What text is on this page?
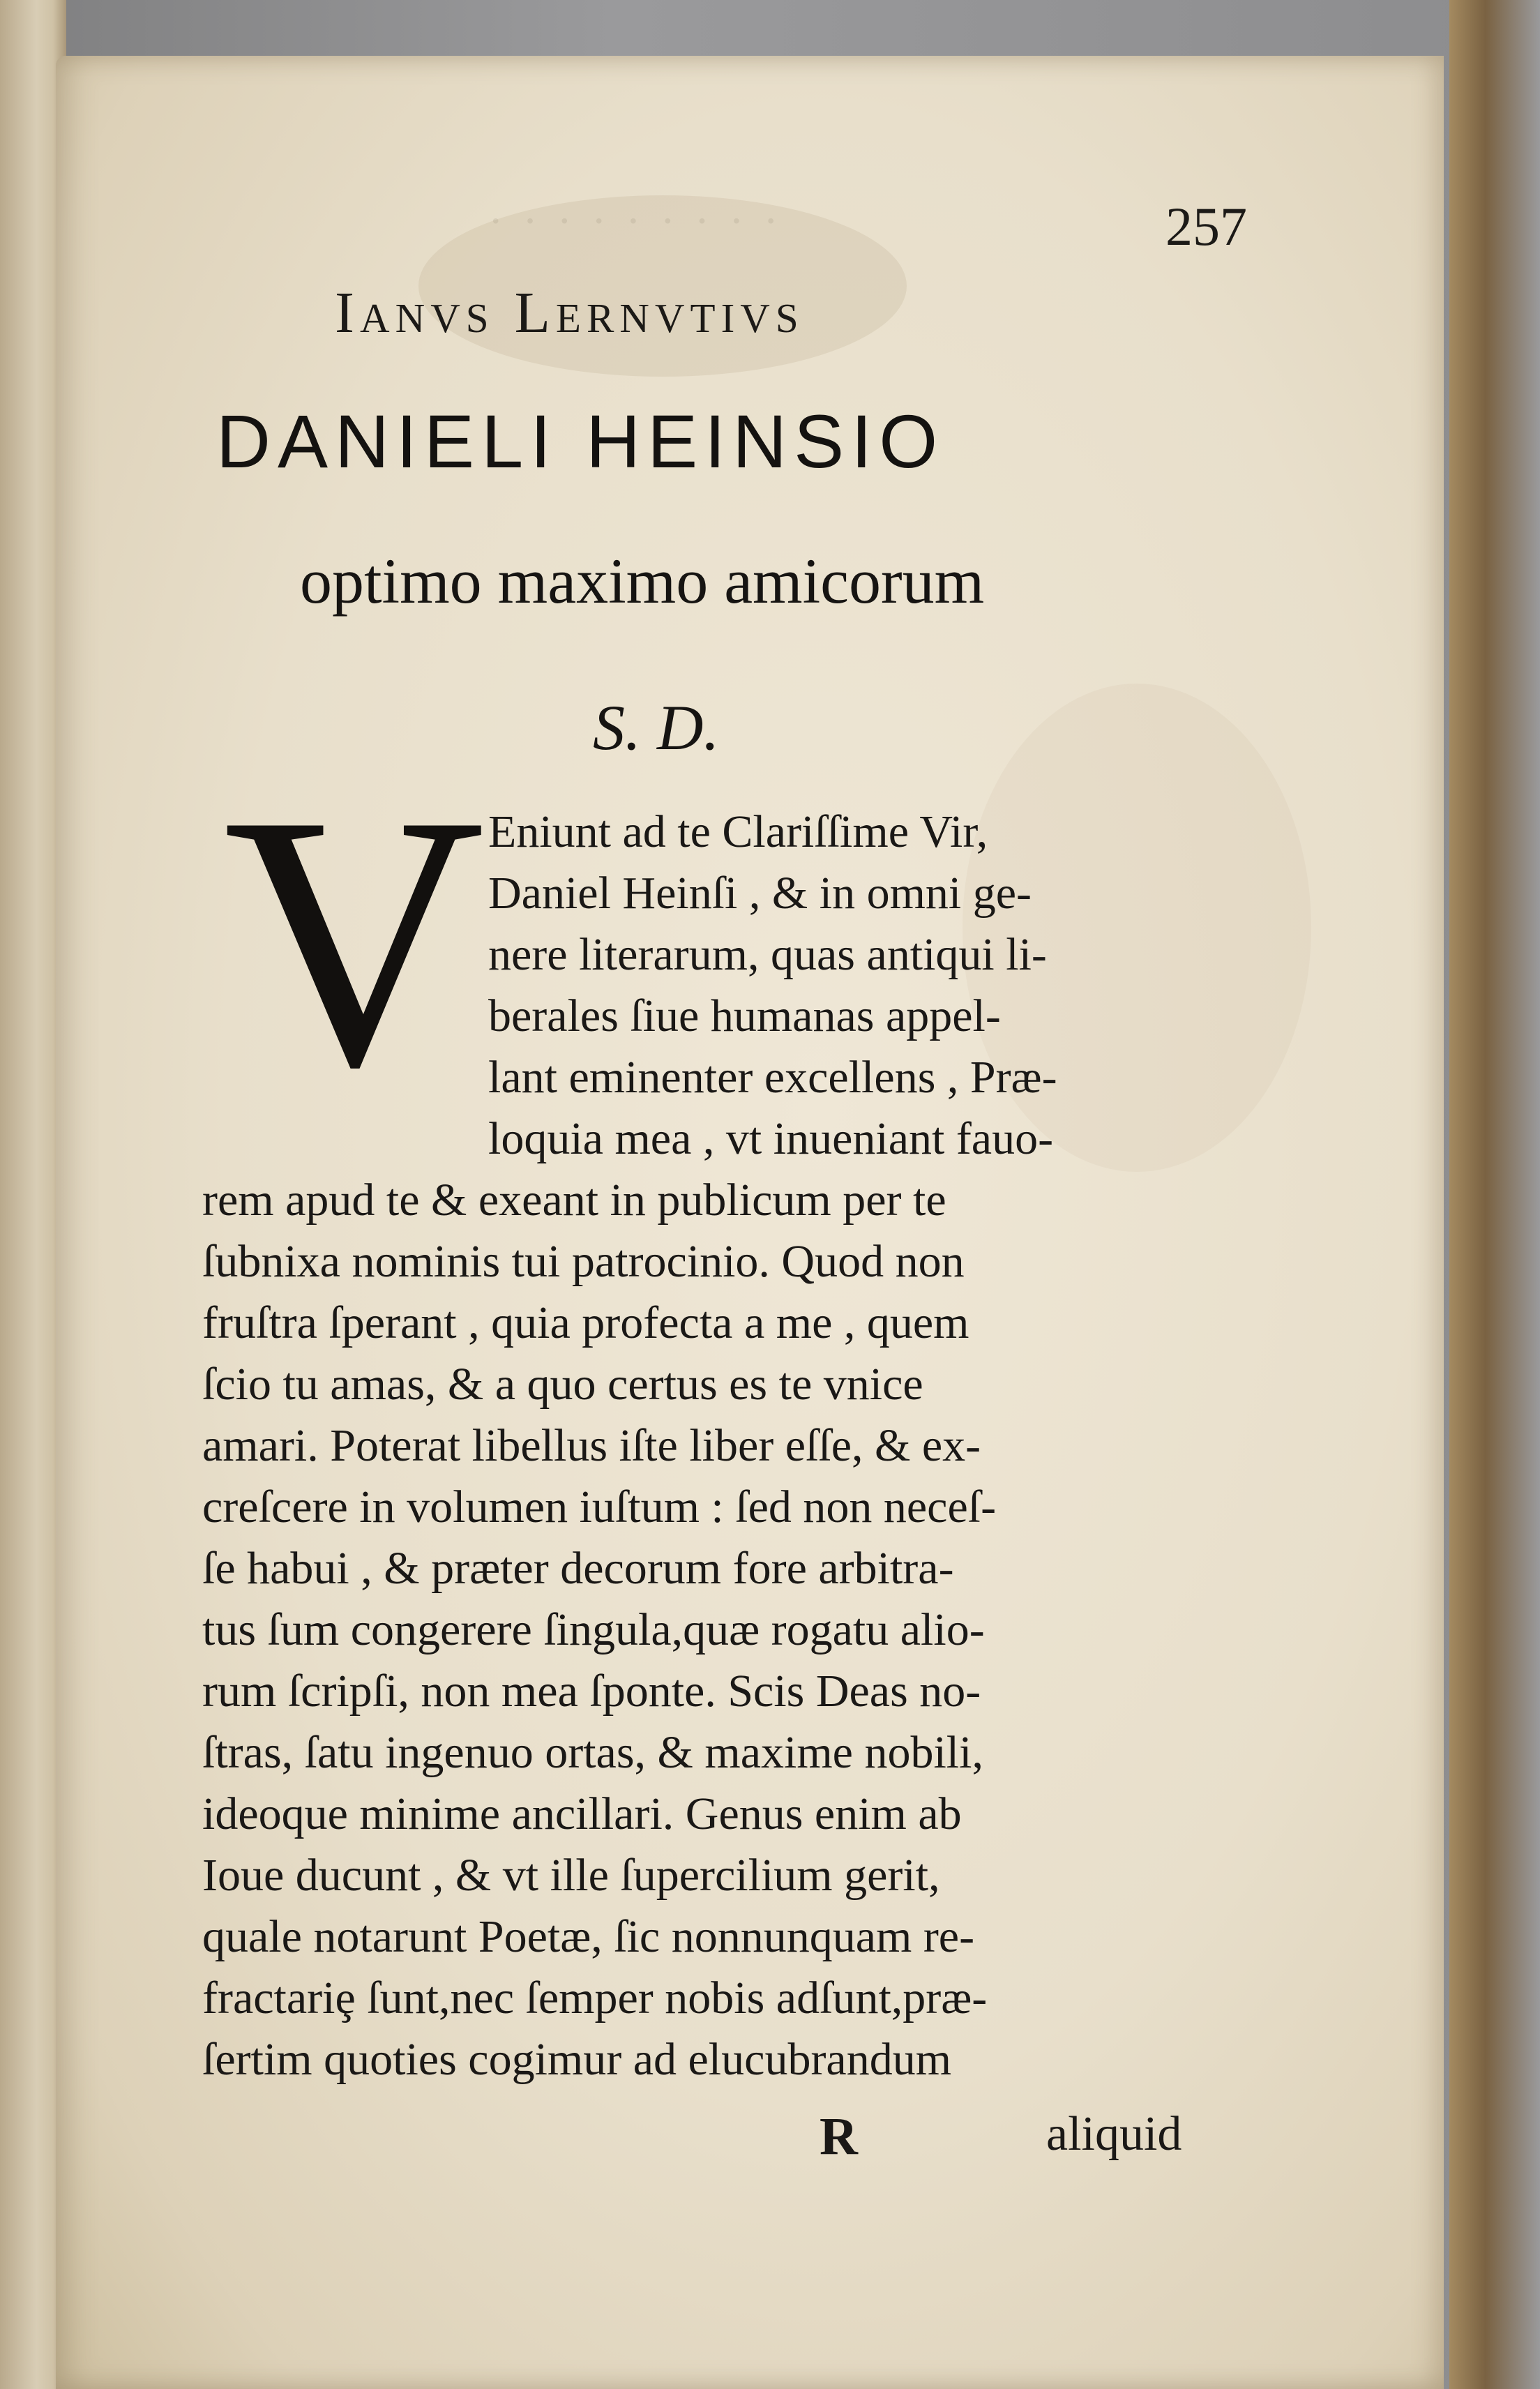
· · · · · · · · ·	257
Ianvs Lernvtivs
DANIELI HEINSIO
optimo maximo amicorum
S. D.
V Eniunt ad te Clariſſime Vir,
Daniel Heinſi , & in omni ge-
nere literarum, quas antiqui li-
berales ſiue humanas appel-
lant eminenter excellens , Præ-
loquia mea , vt inueniant fauo-
rem apud te & exeant in publicum per te
ſubnixa nominis tui patrocinio. Quod non
fruſtra ſperant , quia profecta a me , quem
ſcio tu amas, & a quo certus es te vnice
amari. Poterat libellus iſte liber eſſe, & ex-
creſcere in volumen iuſtum : ſed non neceſ-
ſe habui , & præter decorum fore arbitra-
tus ſum congerere ſingula,quæ rogatu alio-
rum ſcripſi, non mea ſponte. Scis Deas no-
ſtras, ſatu ingenuo ortas, & maxime nobili,
ideoque minime ancillari. Genus enim ab
Ioue ducunt , & vt ille ſupercilium gerit,
quale notarunt Poetæ, ſic nonnunquam re-
fractariȩ ſunt,nec ſemper nobis adſunt,præ-
ſertim quoties cogimur ad elucubrandum
R	aliquid
